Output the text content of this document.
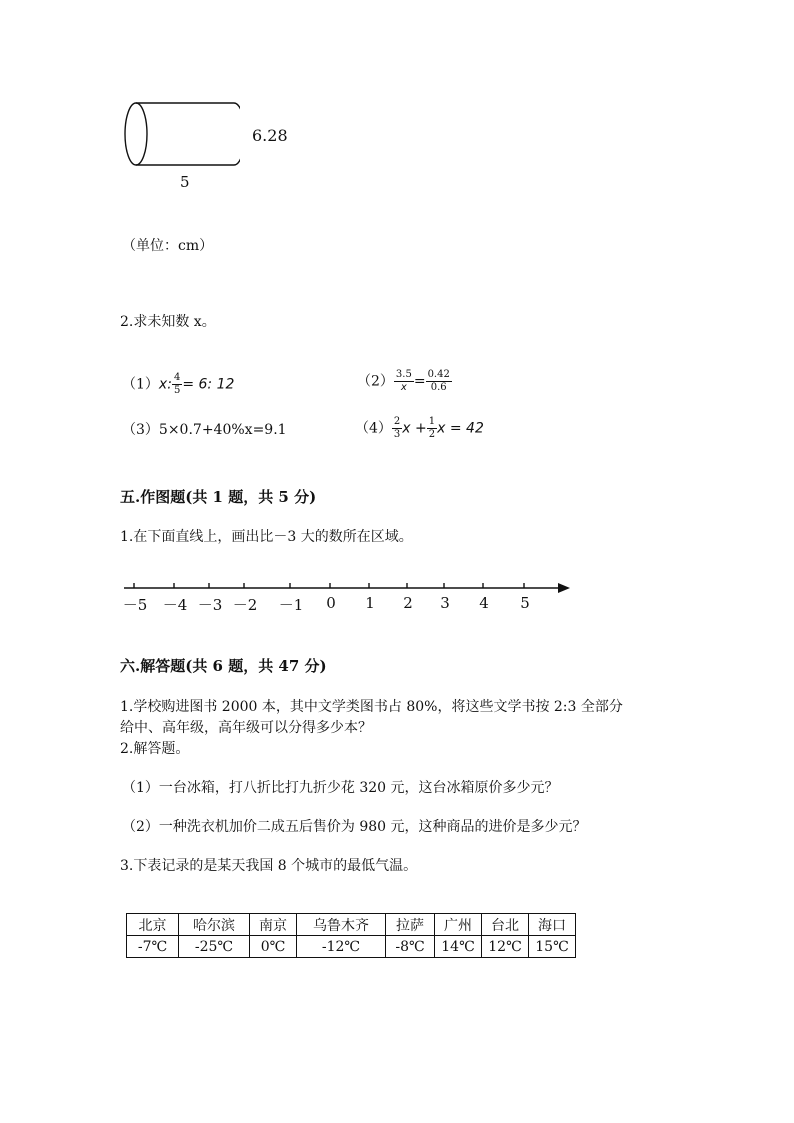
6.28
5
（单位：cm）
2.求未知数 x。
（1）x: $\frac{4}{5} = 6$: 12	$(2) \frac{3.5}{x} = \frac{0.42}{0.6}$
（3）5×0.7+40%x=9.1	$(4) \frac{2}{3}$ $x + \frac{1}{2}$ x = 42
五.作图题(共 1 题，共 5 分)
1.在下面直线上，画出比－3 大的数所在区域。
－5 －4 －3 －2 －1	0	1	2	3	4	5
六.解答题(共 6 题，共 47 分)
1.学校购进图书 2000 本，其中文学类图书占 80%，将这些文学书按 2:3 全部分
给中、高年级，高年级可以分得多少本？
2.解答题。
（1）一台冰箱，打八折比打九折少花 320 元，这台冰箱原价多少元？
（2）一种洗衣机加价二成五后售价为 980 元，这种商品的进价是多少元？
3.下表记录的是某天我国 8 个城市的最低气温。
北京	哈尔滨	南京	乌鲁木齐	拉萨	广州	台北	海口
-7℃	-25℃	0℃	-12℃	-8℃	14℃	12℃	15℃
